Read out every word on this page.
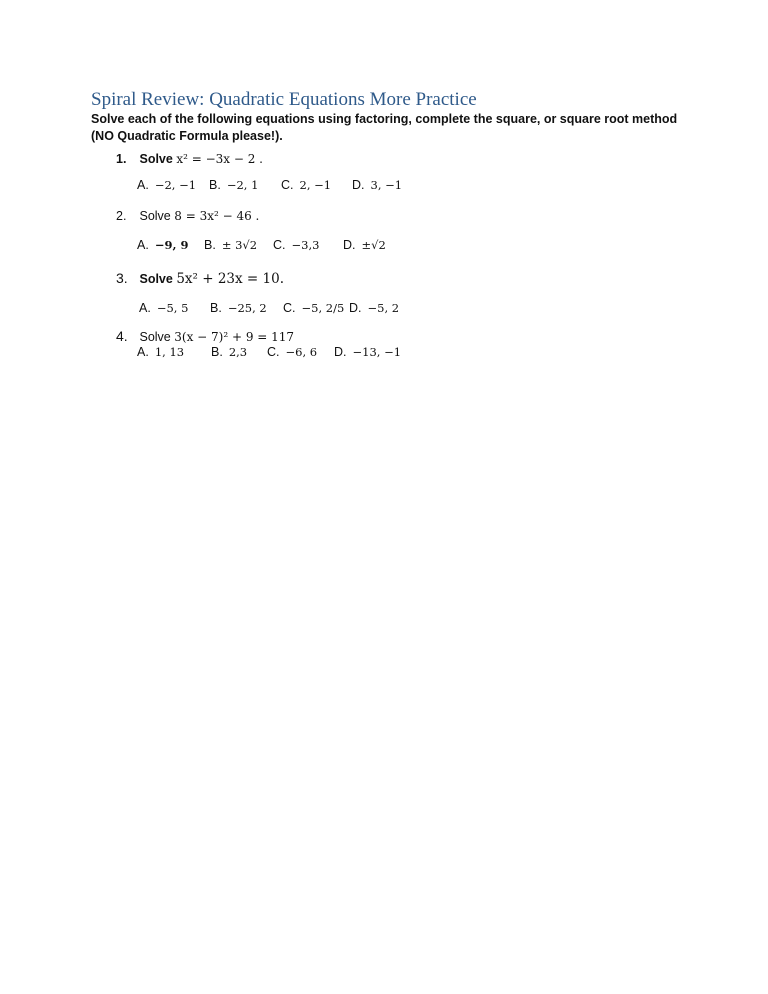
Spiral Review: Quadratic Equations More Practice
Solve each of the following equations using factoring, complete the square, or square root method (NO Quadratic Formula please!).
1. Solve x² = −3x − 2 .
A. −2, −1 B. −2, 1 C. 2, −1 D. 3, −1
2. Solve 8 = 3x² − 46 .
A. −9, 9 B. ± 3√2 C. −3,3 D. ±√2
3. Solve 5x² + 23x = 10.
A. −5, 5 B. −25, 2 C. −5, 2/5 D. −5, 2
4. Solve 3(x − 7)² + 9 = 117
A. 1, 13 B. 2,3 C. −6, 6 D. −13, −1
